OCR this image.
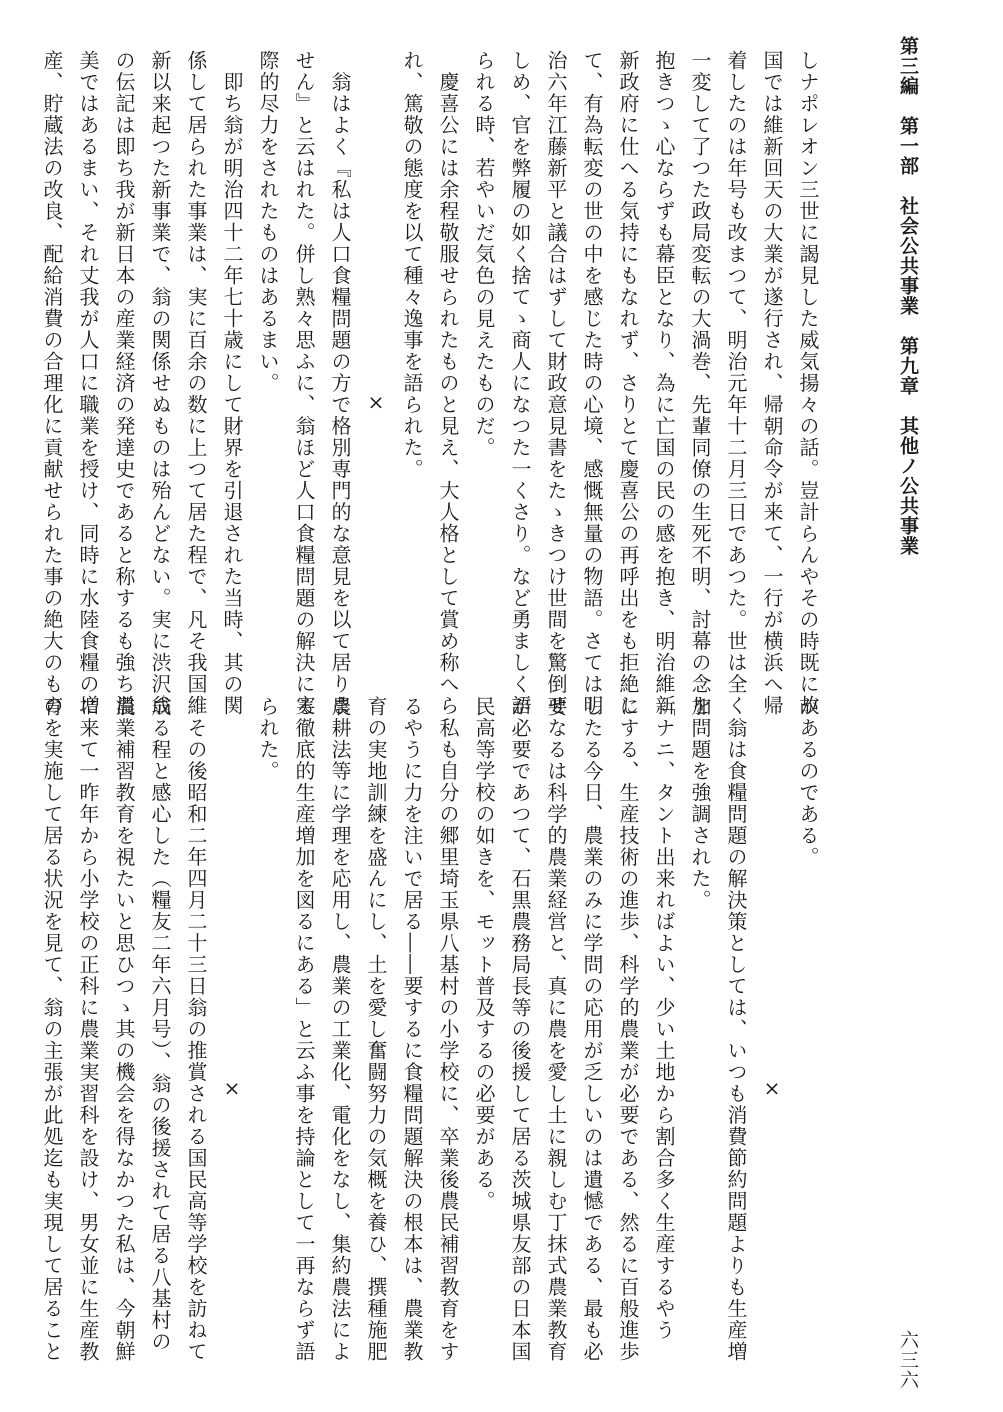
第三編　第一部　社会公共事業　第九章　其他ノ公共事業

しナポレオン三世に謁見した威気揚々の話。豈計らんやその時既に故

国では維新回天の大業が遂行され、帰朝命令が来て、一行が横浜へ帰

着したのは年号も改まつて、明治元年十二月三日であつた。世は全く

一変して了つた政局変転の大渦巻、先輩同僚の生死不明、討幕の念を

抱きつゝ心ならずも幕臣となり、為に亡国の民の感を抱き、明治維新

新政府に仕へる気持にもなれず、さりとて慶喜公の再呼出をも拒絶し

て、有為転変の世の中を感じた時の心境、感慨無量の物語。さては明

治六年江藤新平と議合はずして財政意見書をたゝきつけ世間を驚倒せ

しめ、官を弊履の如く捨てゝ商人になつた一くさり。など勇ましく語

られる時、若やいだ気色の見えたものだ。

　慶喜公には余程敬服せられたものと見え、大人格として賞め称へら

れ、篤敬の態度を以て種々逸事を語られた。

　　　　×

　翁はよく『私は人口食糧問題の方で格別専門的な意見を以て居りま

せん』と云はれた。併し熟々思ふに、翁ほど人口食糧問題の解決に実

際的尽力をされたものはあるまい。

　即ち翁が明治四十二年七十歳にして財界を引退された当時、其の関

係して居られた事業は、実に百余の数に上つて居た程で、凡そ我国維

新以来起つた新事業で、翁の関係せぬものは殆んどない。実に渋沢翁

の伝記は即ち我が新日本の産業経済の発達史であると称するも強ち溢

美ではあるまい、それ丈我が人口に職業を授け、同時に水陸食糧の増

産、貯蔵法の改良、配給消費の合理化に貢献せられた事の絶大のもの

があるのである。

　　　　×

　翁は食糧問題の解決策としては、いつも消費節約問題よりも生産増

加問題を強調された。

「ナニ、タント出来ればよい、少い土地から割合多く生産するやう

にする、生産技術の進歩、科学的農業が必要である、然るに百般進歩

したる今日、農業のみに学問の応用が乏しいのは遺憾である、最も必

要なるは科学的農業経営と、真に農を愛し土に親しむ丁抹式農業教育

が必要であつて、石黒農務局長等の後援して居る茨城県友部の日本国

民高等学校の如きを、モット普及するの必要がある。

　私も自分の郷里埼玉県八基村の小学校に、卒業後農民補習教育をす

るやうに力を注いで居る――要するに食糧問題解決の根本は、農業教

育の実地訓練を盛んにし、土を愛し奮闘努力の気概を養ひ、撰種施肥

農耕法等に学理を応用し、農業の工業化、電化をなし、集約農法によ

る徹底的生産増加を図るにある」と云ふ事を持論として一再ならず語

られた。

　　　　×

　その後昭和二年四月二十三日翁の推賞される国民高等学校を訪ねて

成る程と感心した（糧友二年六月号）、翁の後援されて居る八基村の

農業補習教育を視たいと思ひつゝ其の機会を得なかつた私は、今朝鮮

に来て一昨年から小学校の正科に農業実習科を設け、男女並に生産教

育を実施して居る状況を見て、翁の主張が此処迄も実現して居ること	六三六
